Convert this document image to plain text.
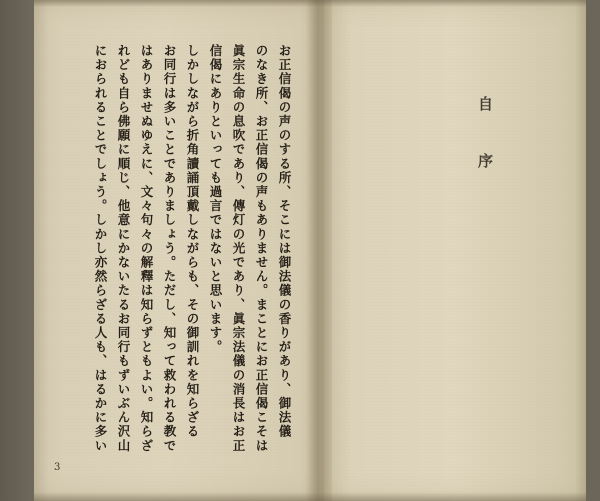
自 序
お正信偈の声のする所、そこには御法儀の香りがあり、御法儀
のなき所、お正信偈の声もありません。まことにお正信偈こそは
眞宗生命の息吹であり、傳灯の光であり、眞宗法儀の消長はお正
信偈にありといっても過言ではないと思います。
しかしながら折角讀誦頂戴しながらも、その御訓れを知らざる
お同行は多いことでありましょう。ただし、知って救われる教で
はありませぬゆえに、文々句々の解釋は知らずともよい。知らざ
れども自ら佛願に順じ、他意にかないたるお同行もずいぶん沢山
におられることでしょう。しかし亦然らざる人も、はるかに多い
3
